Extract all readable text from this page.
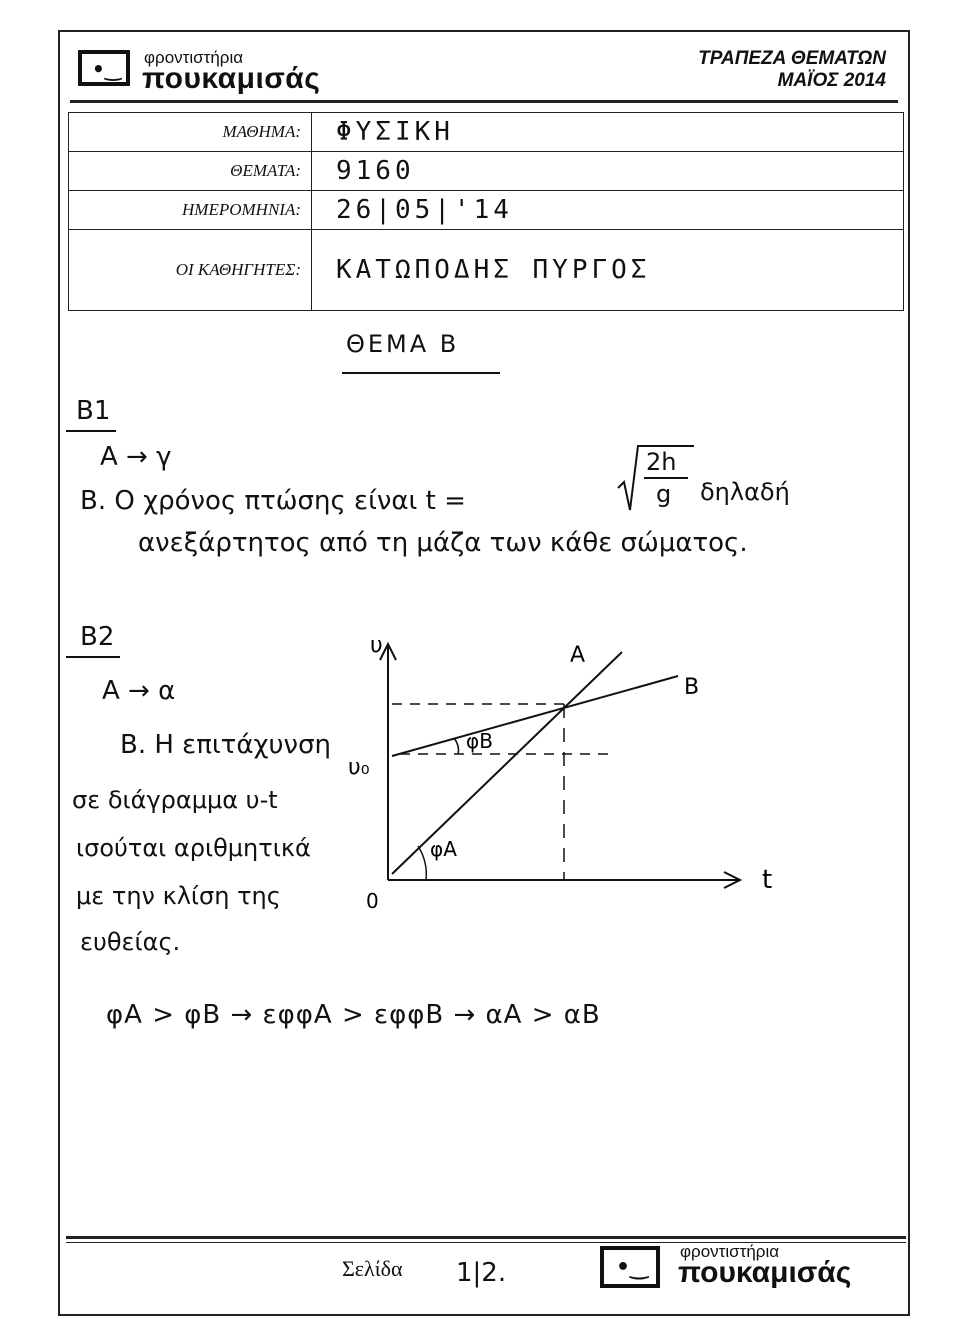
•‿ φροντιστήρια
πουκαμισάς
ΤΡΑΠΕΖΑ ΘΕΜΑΤΩΝ
ΜΑΪΟΣ 2014
ΜΑΘΗΜΑ:	ΦΥΣΙΚΗ
ΘΕΜΑΤΑ:	9160
ΗΜΕΡΟΜΗΝΙΑ:	26|05|'14
ΟΙ ΚΑΘΗΓΗΤΕΣ:	ΚΑΤΩΠΟΔΗΣ ΠΥΡΓΟΣ
ΘΕΜΑ Β
Β1
Α → γ
Β. Ο χρόνος πτώσης είναι t =
2h
g δηλαδή
ανεξάρτητος από τη μάζα των κάθε σώματος.
Β2
Α → α
Β. Η επιτάχυνση
σε διάγραμμα υ-t
ισούται αριθμητικά
με την κλίση της
ευθείας.
υ
t
0
υ₀
Α
Β
φΑ
φΒ
φΑ > φΒ → εφφΑ > εφφΒ → αΑ > αΒ
Σελίδα 1|2.	•‿
φροντιστήρια
πουκαμισάς
